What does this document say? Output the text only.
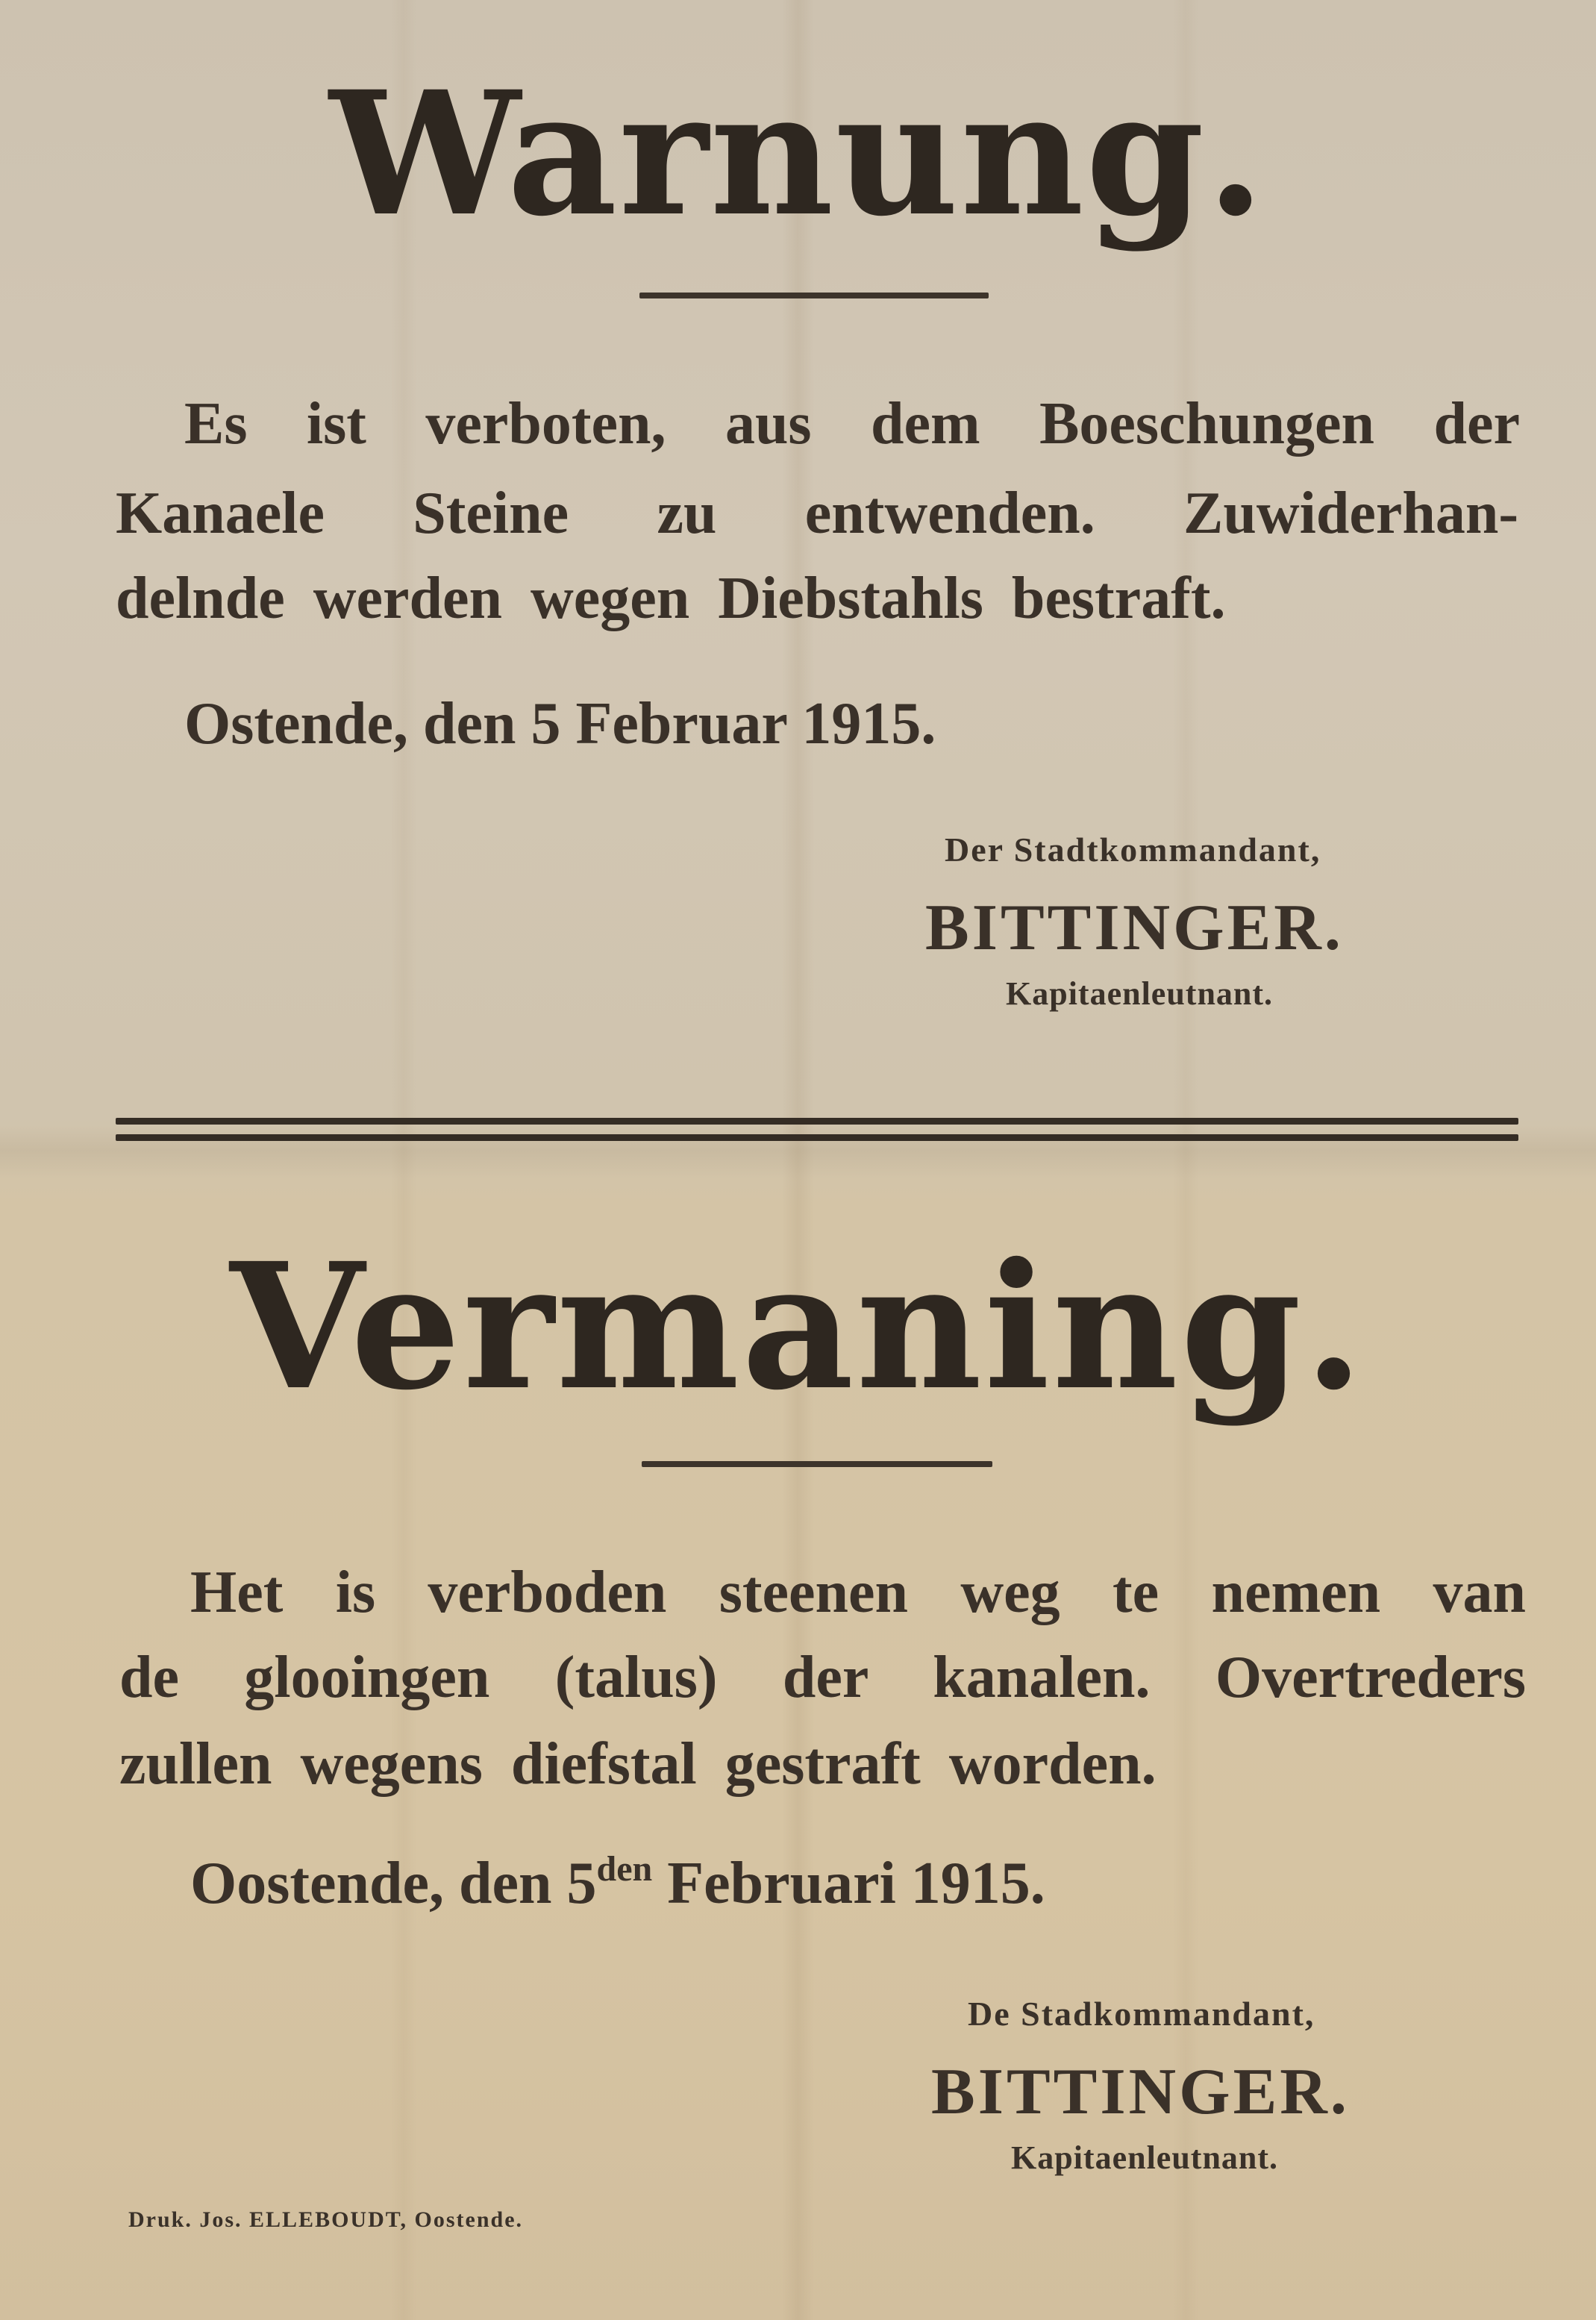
Warnung.

Es ist verboten, aus dem Boeschungen der

Kanaele Steine zu entwenden. Zuwiderhan-

delnde werden wegen Diebstahls bestraft.

Ostende, den 5 Februar 1915.

Der Stadtkommandant,

BITTINGER.

Kapitaenleutnant.

Vermaning.

Het is verboden steenen weg te nemen van

de glooingen (talus) der kanalen. Overtreders

zullen wegens diefstal gestraft worden.

Oostende, den $5^{den}$ Februari 1915.

De Stadkommandant,

BITTINGER.

Kapitaenleutnant.

Druk. Jos. ELLEBOUDT, Oostende.
